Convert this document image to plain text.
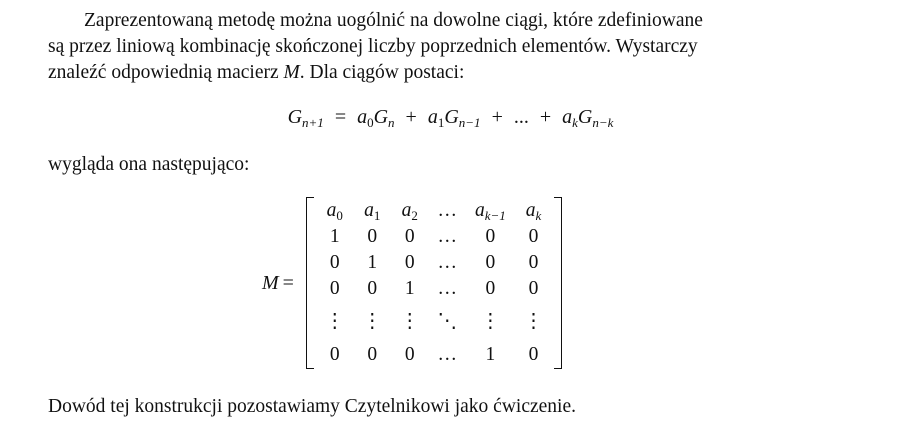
Zaprezentowaną metodę można uogólnić na dowolne ciągi, które zdefiniowane
są przez liniową kombinację skończonej liczby poprzednich elementów. Wystarczy
znaleźć odpowiednią macierz M. Dla ciągów postaci:

$G_{n+1} = a_0G_n + a_1G_{n-1}$ + ... + $a_kG_{n-k}$

wygląda ona następująco:

M =
$a_0$	$a_1$	$a_2$	…	$a_{k-1}$	$a_k$
1	0	0	…	0	0
0	1	0	…	0	0
0	0	1	…	0	0
⋮	⋮	⋮	⋱	⋮	⋮
0	0	0	…	1	0

Dowód tej konstrukcji pozostawiamy Czytelnikowi jako ćwiczenie.
